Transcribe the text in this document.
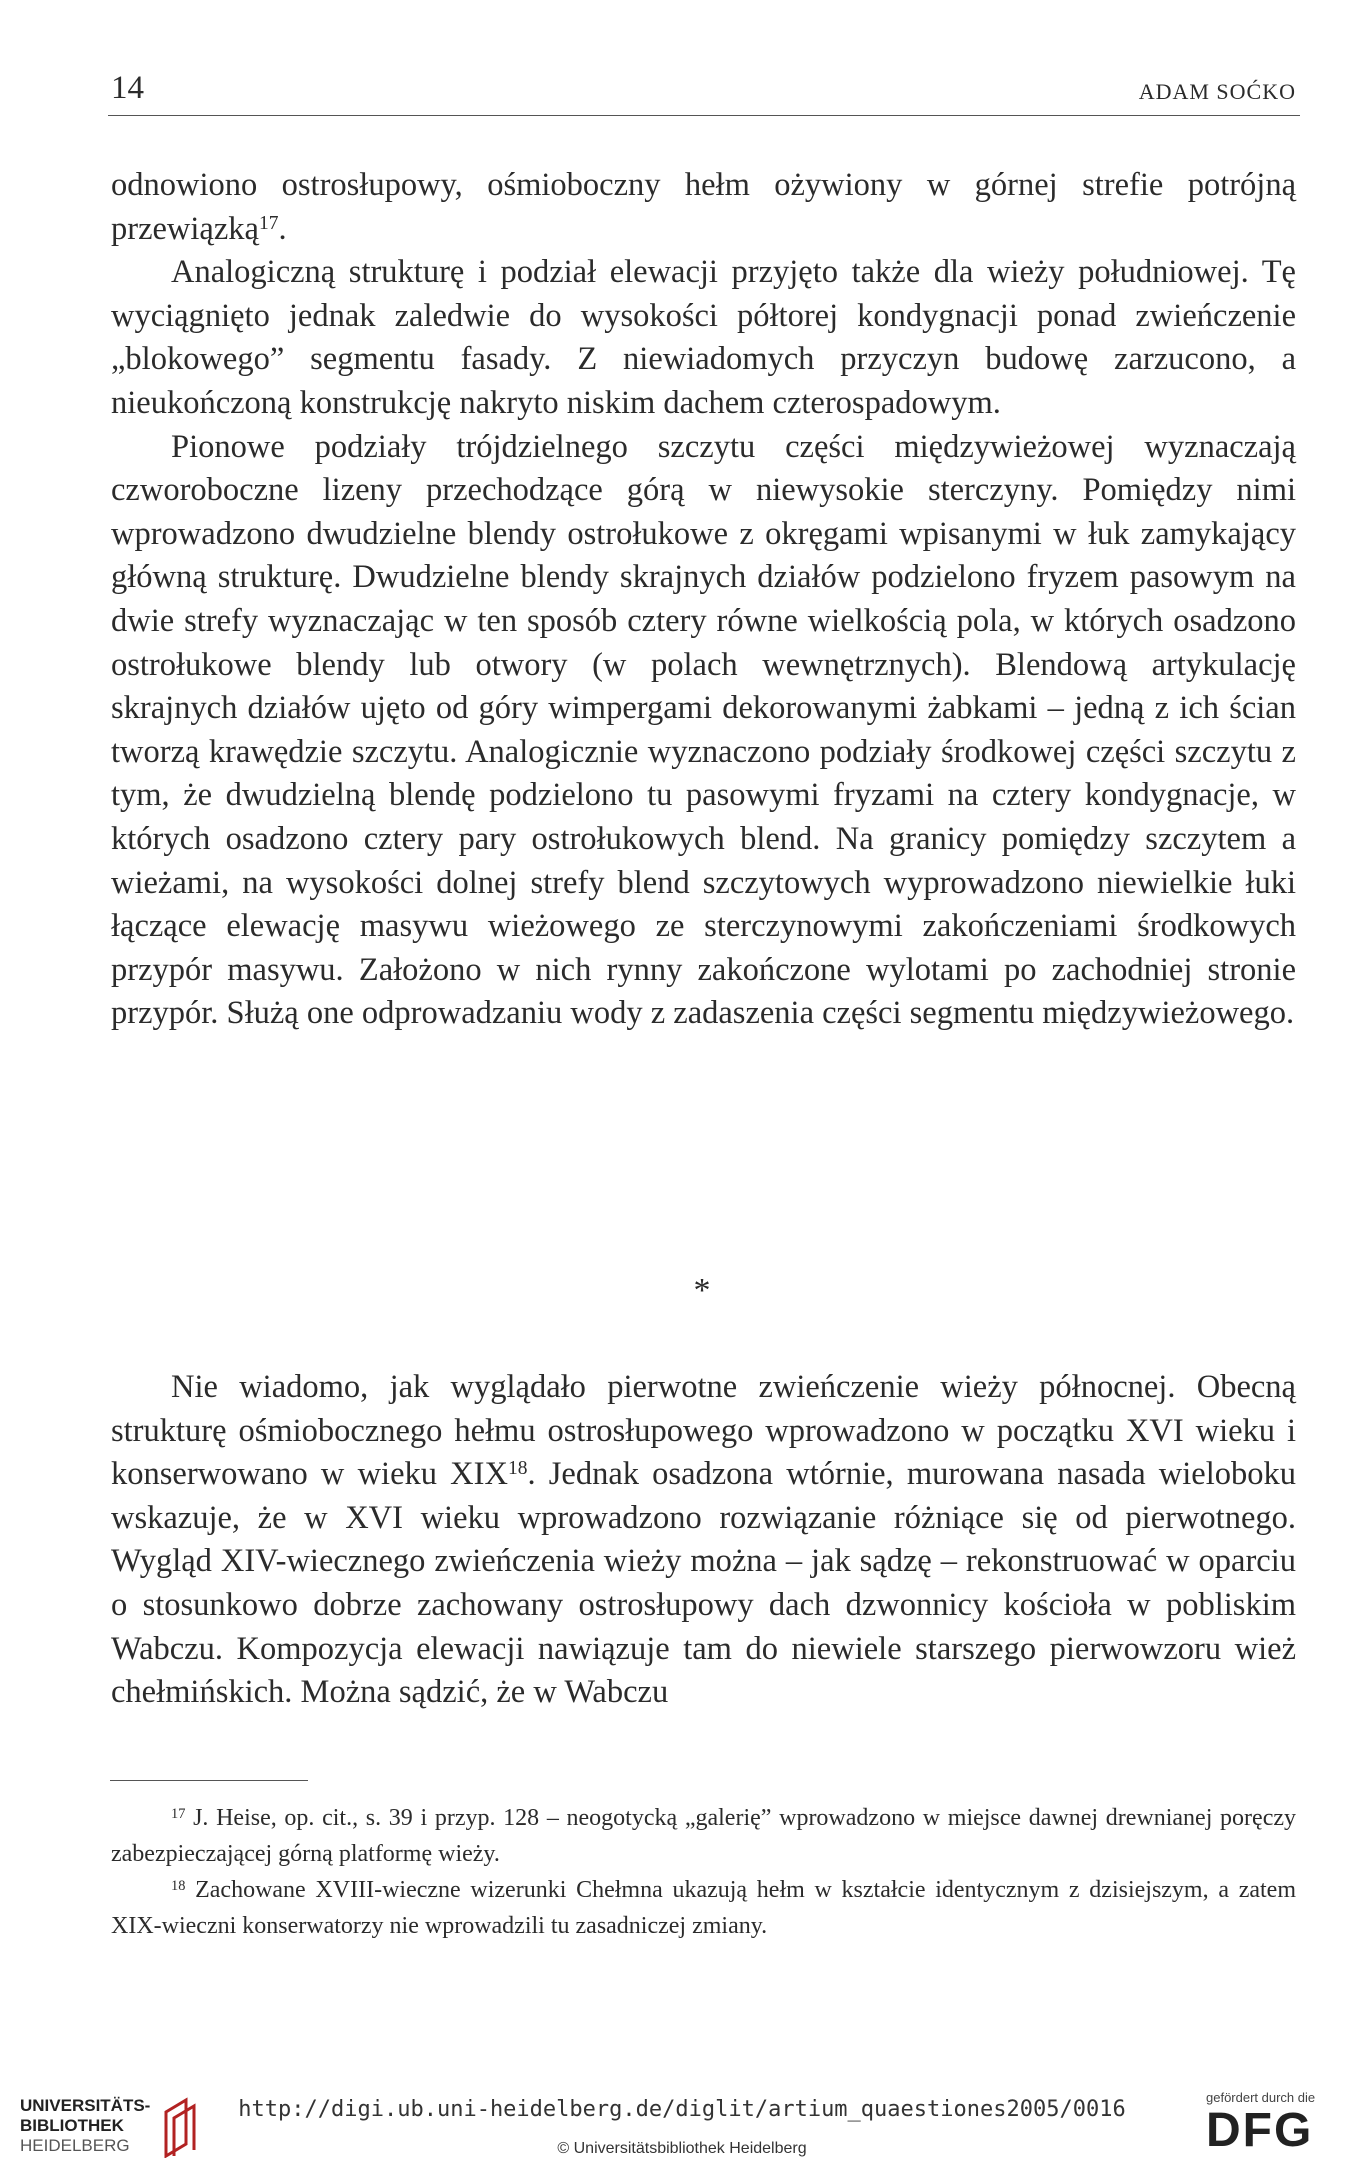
14	ADAM SOĆKO

odnowiono ostrosłupowy, ośmioboczny hełm ożywiony w górnej strefie potrójną przewiązką$^{17}$.

Analogiczną strukturę i podział elewacji przyjęto także dla wieży południowej. Tę wyciągnięto jednak zaledwie do wysokości półtorej kondygnacji ponad zwieńczenie „blokowego” segmentu fasady. Z niewiadomych przyczyn budowę zarzucono, a nieukończoną konstrukcję nakryto niskim dachem czterospadowym.

Pionowe podziały trójdzielnego szczytu części międzywieżowej wyznaczają czworoboczne lizeny przechodzące górą w niewysokie sterczyny. Pomiędzy nimi wprowadzono dwudzielne blendy ostrołukowe z okręgami wpisanymi w łuk zamykający główną strukturę. Dwudzielne blendy skrajnych działów podzielono fryzem pasowym na dwie strefy wyznaczając w ten sposób cztery równe wielkością pola, w których osadzono ostrołukowe blendy lub otwory (w polach wewnętrznych). Blendową artykulację skrajnych działów ujęto od góry wimpergami dekorowanymi żabkami – jedną z ich ścian tworzą krawędzie szczytu. Analogicznie wyznaczono podziały środkowej części szczytu z tym, że dwudzielną blendę podzielono tu pasowymi fryzami na cztery kondygnacje, w których osadzono cztery pary ostrołukowych blend. Na granicy pomiędzy szczytem a wieżami, na wysokości dolnej strefy blend szczytowych wyprowadzono niewielkie łuki łączące elewację masywu wieżowego ze sterczynowymi zakończeniami środkowych przypór masywu. Założono w nich rynny zakończone wylotami po zachodniej stronie przypór. Służą one odprowadzaniu wody z zadaszenia części segmentu międzywieżowego.

*

Nie wiadomo, jak wyglądało pierwotne zwieńczenie wieży północnej. Obecną strukturę ośmiobocznego hełmu ostrosłupowego wprowadzono w początku XVI wieku i konserwowano w wieku XIX$^{18}$. Jednak osadzona wtórnie, murowana nasada wieloboku wskazuje, że w XVI wieku wprowadzono rozwiązanie różniące się od pierwotnego. Wygląd XIV-wiecznego zwieńczenia wieży można – jak sądzę – rekonstruować w oparciu o stosunkowo dobrze zachowany ostrosłupowy dach dzwonnicy kościoła w pobliskim Wabczu. Kompozycja elewacji nawiązuje tam do niewiele starszego pierwowzoru wież chełmińskich. Można sądzić, że w Wabczu

$^{17}$ J. Heise, op. cit., s. 39 i przyp. 128 – neogotycką „galerię” wprowadzono w miejsce dawnej drewnianej poręczy zabezpieczającej górną platformę wieży.

$^{18}$ Zachowane XVIII-wieczne wizerunki Chełmna ukazują hełm w kształcie identycznym z dzisiejszym, a zatem XIX-wieczni konserwatorzy nie wprowadzili tu zasadniczej zmiany.

UNIVERSITÄTS-
BIBLIOTHEK
HEIDELBERG
http://digi.ub.uni-heidelberg.de/diglit/artium_quaestiones2005/0016
© Universitätsbibliothek Heidelberg
gefördert durch die
DFG
